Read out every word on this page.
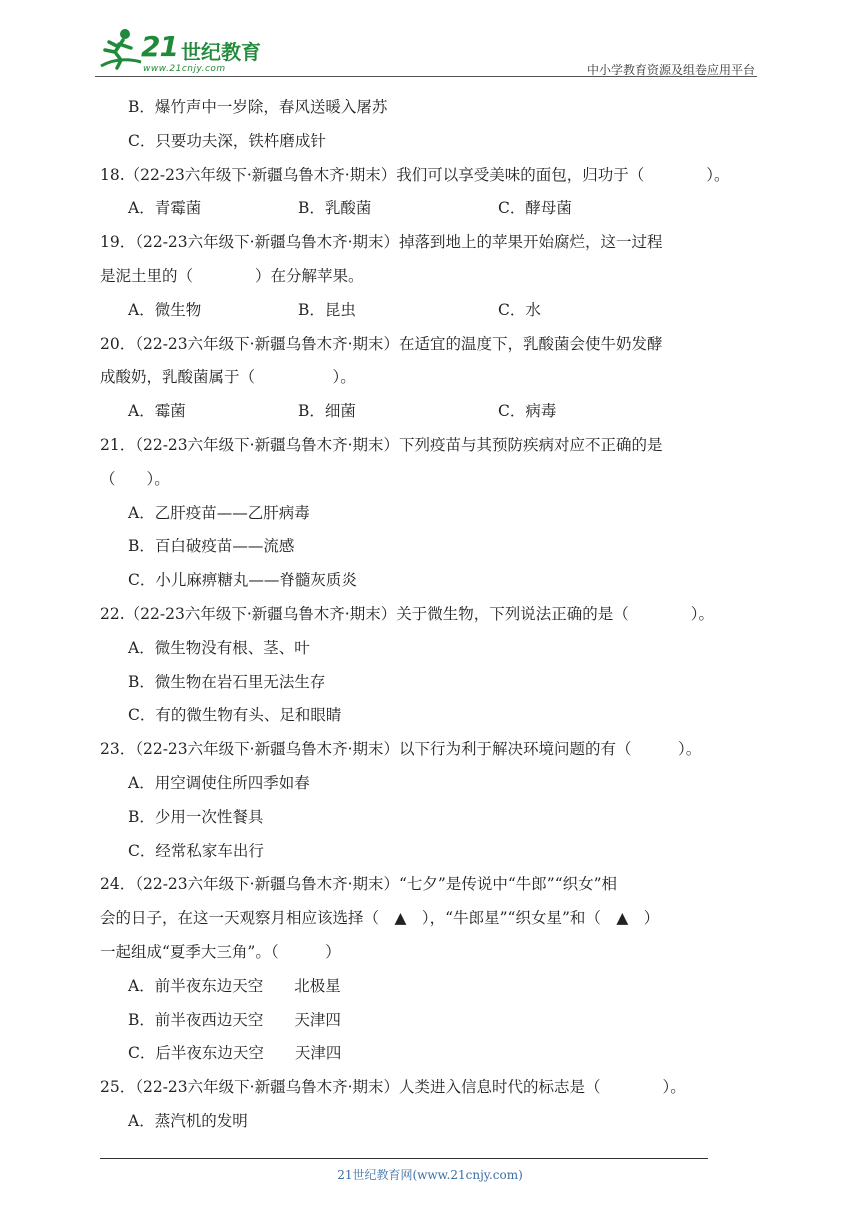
21 世纪教育
www.21cnjy.com	中小学教育资源及组卷应用平台
B．爆竹声中一岁除，春风送暖入屠苏
C．只要功夫深，铁杵磨成针
18.（22-23六年级下·新疆乌鲁木齐·期末）我们可以享受美味的面包，归功于（　　　　）。
A．青霉菌	B．乳酸菌	C．酵母菌
19．（22-23六年级下·新疆乌鲁木齐·期末）掉落到地上的苹果开始腐烂，这一过程
是泥土里的（　　　　）在分解苹果。
A．微生物	B．昆虫	C．水
20．（22-23六年级下·新疆乌鲁木齐·期末）在适宜的温度下，乳酸菌会使牛奶发酵
成酸奶，乳酸菌属于（　　　　　）。
A．霉菌	B．细菌	C．病毒
21．（22-23六年级下·新疆乌鲁木齐·期末）下列疫苗与其预防疾病对应不正确的是
（　　）。
A．乙肝疫苗——乙肝病毒
B．百白破疫苗——流感
C．小儿麻痹糖丸——脊髓灰质炎
22.（22-23六年级下·新疆乌鲁木齐·期末）关于微生物，下列说法正确的是（　　　　）。
A．微生物没有根、茎、叶
B．微生物在岩石里无法生存
C．有的微生物有头、足和眼睛
23．（22-23六年级下·新疆乌鲁木齐·期末）以下行为利于解决环境问题的有（　　　）。
A．用空调使住所四季如春
B．少用一次性餐具
C．经常私家车出行
24．（22-23六年级下·新疆乌鲁木齐·期末）“七夕”是传说中“牛郎”“织女”相
会的日子，在这一天观察月相应该选择（　▲　），“牛郎星”“织女星”和（　▲　）
一起组成“夏季大三角”。（　　　）
A．前半夜东边天空　　北极星
B．前半夜西边天空　　天津四
C．后半夜东边天空　　天津四
25．（22-23六年级下·新疆乌鲁木齐·期末）人类进入信息时代的标志是（　　　　）。
A．蒸汽机的发明
21世纪教育网(www.21cnjy.com)
